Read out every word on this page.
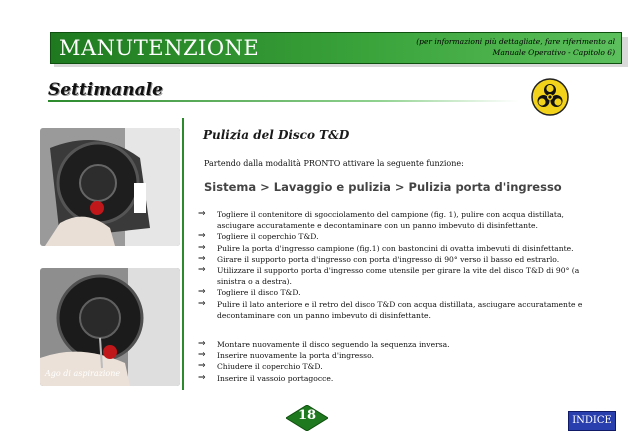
MANUTENZIONE	(per informazioni più dettagliate, fare riferimento al Manuale Operativo - Capitolo 6)
Settimanale
Ago di aspirazione
Pulizia del Disco T&D
Partendo dalla modalità PRONTO attivare la seguente funzione:
Sistema > Lavaggio e pulizia > Pulizia porta d'ingresso
⇒ Togliere il contenitore di sgocciolamento del campione (fig. 1), pulire con acqua distillata, asciugare accuratamente e decontaminare con un panno imbevuto di disinfettante.
⇒ Togliere il coperchio T&D.
⇒ Pulire la porta d'ingresso campione (fig.1) con bastoncini di ovatta imbevuti di disinfettante.
⇒ Girare il supporto porta d'ingresso con porta d'ingresso di 90° verso il basso ed estrarlo.
⇒ Utilizzare il supporto porta d'ingresso come utensile per girare la vite del disco T&D di 90° (a sinistra o a destra).
⇒ Togliere il disco T&D.
⇒ Pulire il lato anteriore e il retro del disco T&D con acqua distillata, asciugare accuratamente e decontaminare con un panno imbevuto di disinfettante.
⇒ Montare nuovamente il disco seguendo la sequenza inversa.
⇒ Inserire nuovamente la porta d'ingresso.
⇒ Chiudere il coperchio T&D.
⇒ Inserire il vassoio portagocce.
18	INDICE
